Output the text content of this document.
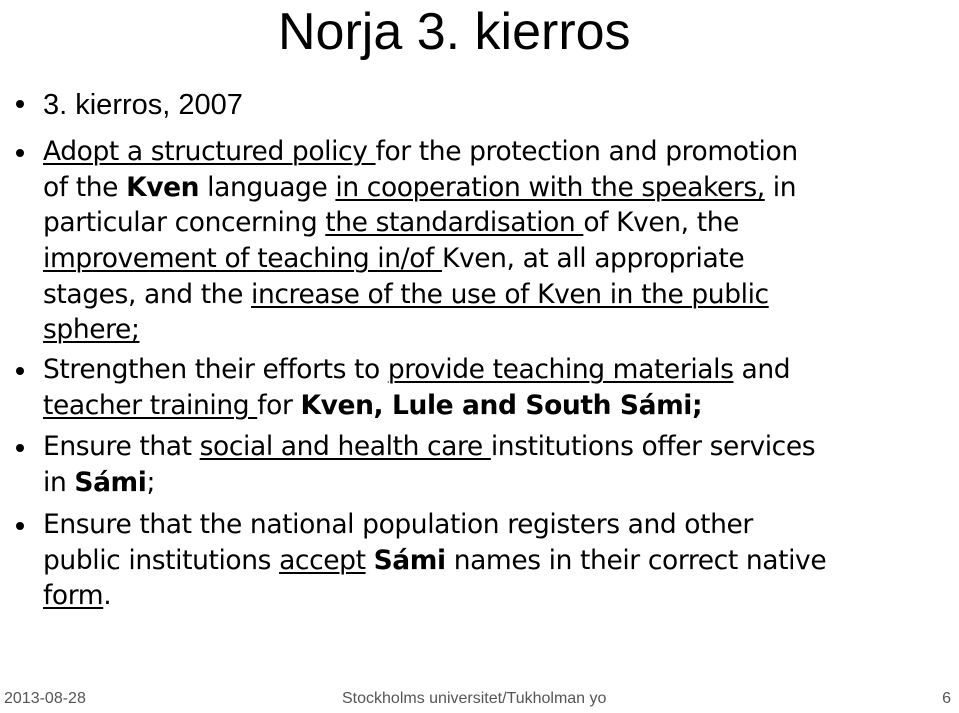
Norja 3. kierros

3. kierros, 2007

Adopt a structured policy for the protection and promotion
of the Kven language in cooperation with the speakers, in
particular concerning the standardisation of Kven, the
improvement of teaching in/of Kven, at all appropriate
stages, and the increase of the use of Kven in the public
sphere;

Strengthen their efforts to provide teaching materials and
teacher training for Kven, Lule and South Sámi;

Ensure that social and health care institutions offer services
in Sámi;

Ensure that the national population registers and other
public institutions accept Sámi names in their correct native
form.

2013-08-28	Stockholms universitet/Tukholman yo	6
